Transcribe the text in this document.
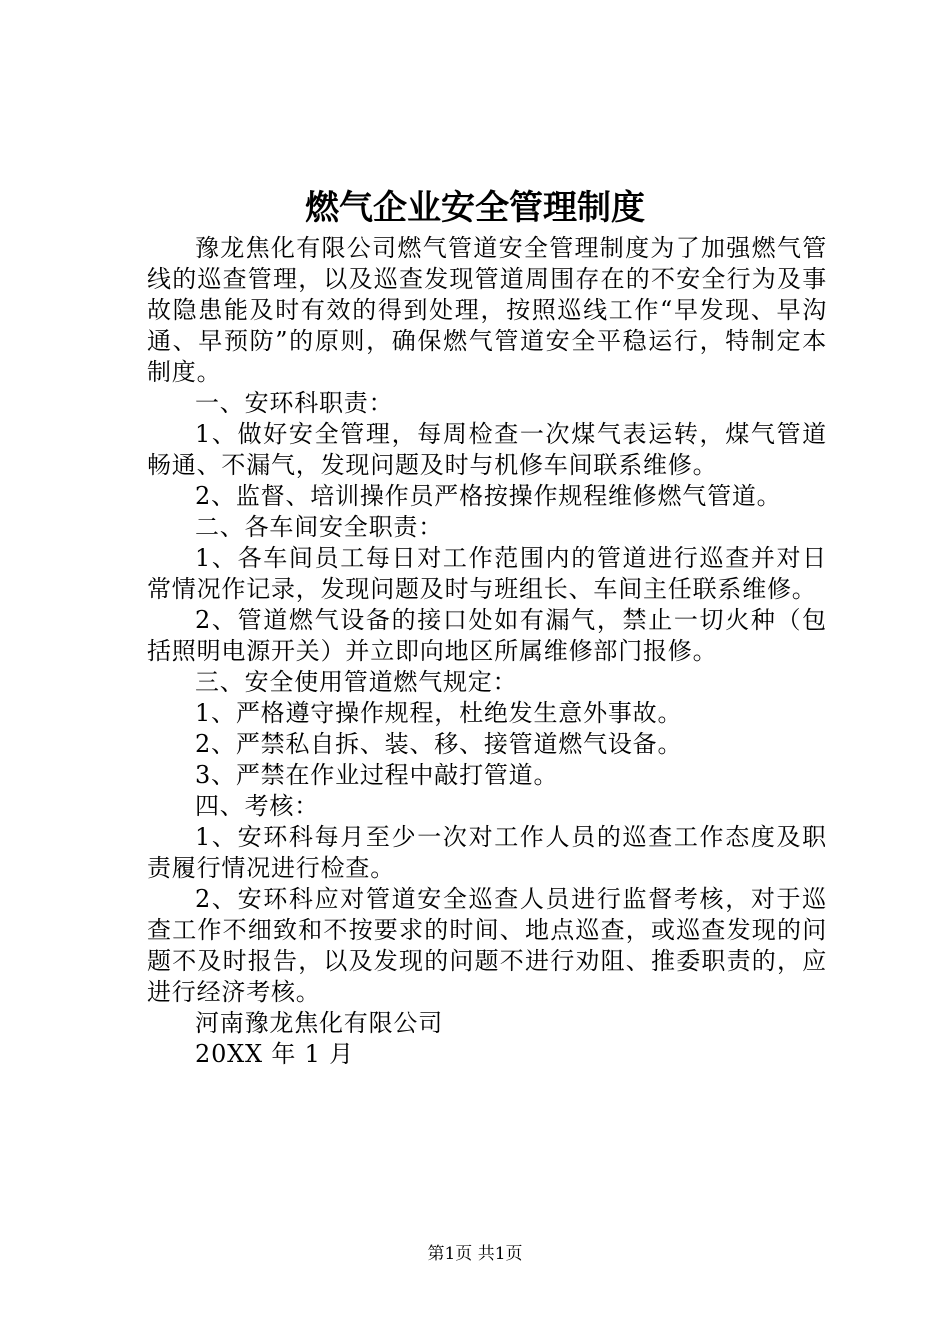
燃气企业安全管理制度

豫龙焦化有限公司燃气管道安全管理制度为了加强燃气管线的巡查管理，以及巡查发现管道周围存在的不安全行为及事故隐患能及时有效的得到处理，按照巡线工作“早发现、早沟通、早预防”的原则，确保燃气管道安全平稳运行，特制定本制度。

一、安环科职责：

1、做好安全管理，每周检查一次煤气表运转，煤气管道畅通、不漏气，发现问题及时与机修车间联系维修。

2、监督、培训操作员严格按操作规程维修燃气管道。

二、各车间安全职责：

1、各车间员工每日对工作范围内的管道进行巡查并对日常情况作记录，发现问题及时与班组长、车间主任联系维修。

2、管道燃气设备的接口处如有漏气，禁止一切火种（包括照明电源开关）并立即向地区所属维修部门报修。

三、安全使用管道燃气规定：

1、严格遵守操作规程，杜绝发生意外事故。

2、严禁私自拆、装、移、接管道燃气设备。

3、严禁在作业过程中敲打管道。

四、考核：

1、安环科每月至少一次对工作人员的巡查工作态度及职责履行情况进行检查。

2、安环科应对管道安全巡查人员进行监督考核，对于巡查工作不细致和不按要求的时间、地点巡查，或巡查发现的问题不及时报告，以及发现的问题不进行劝阻、推委职责的，应进行经济考核。

河南豫龙焦化有限公司

20XX 年 1 月

第1页 共1页
